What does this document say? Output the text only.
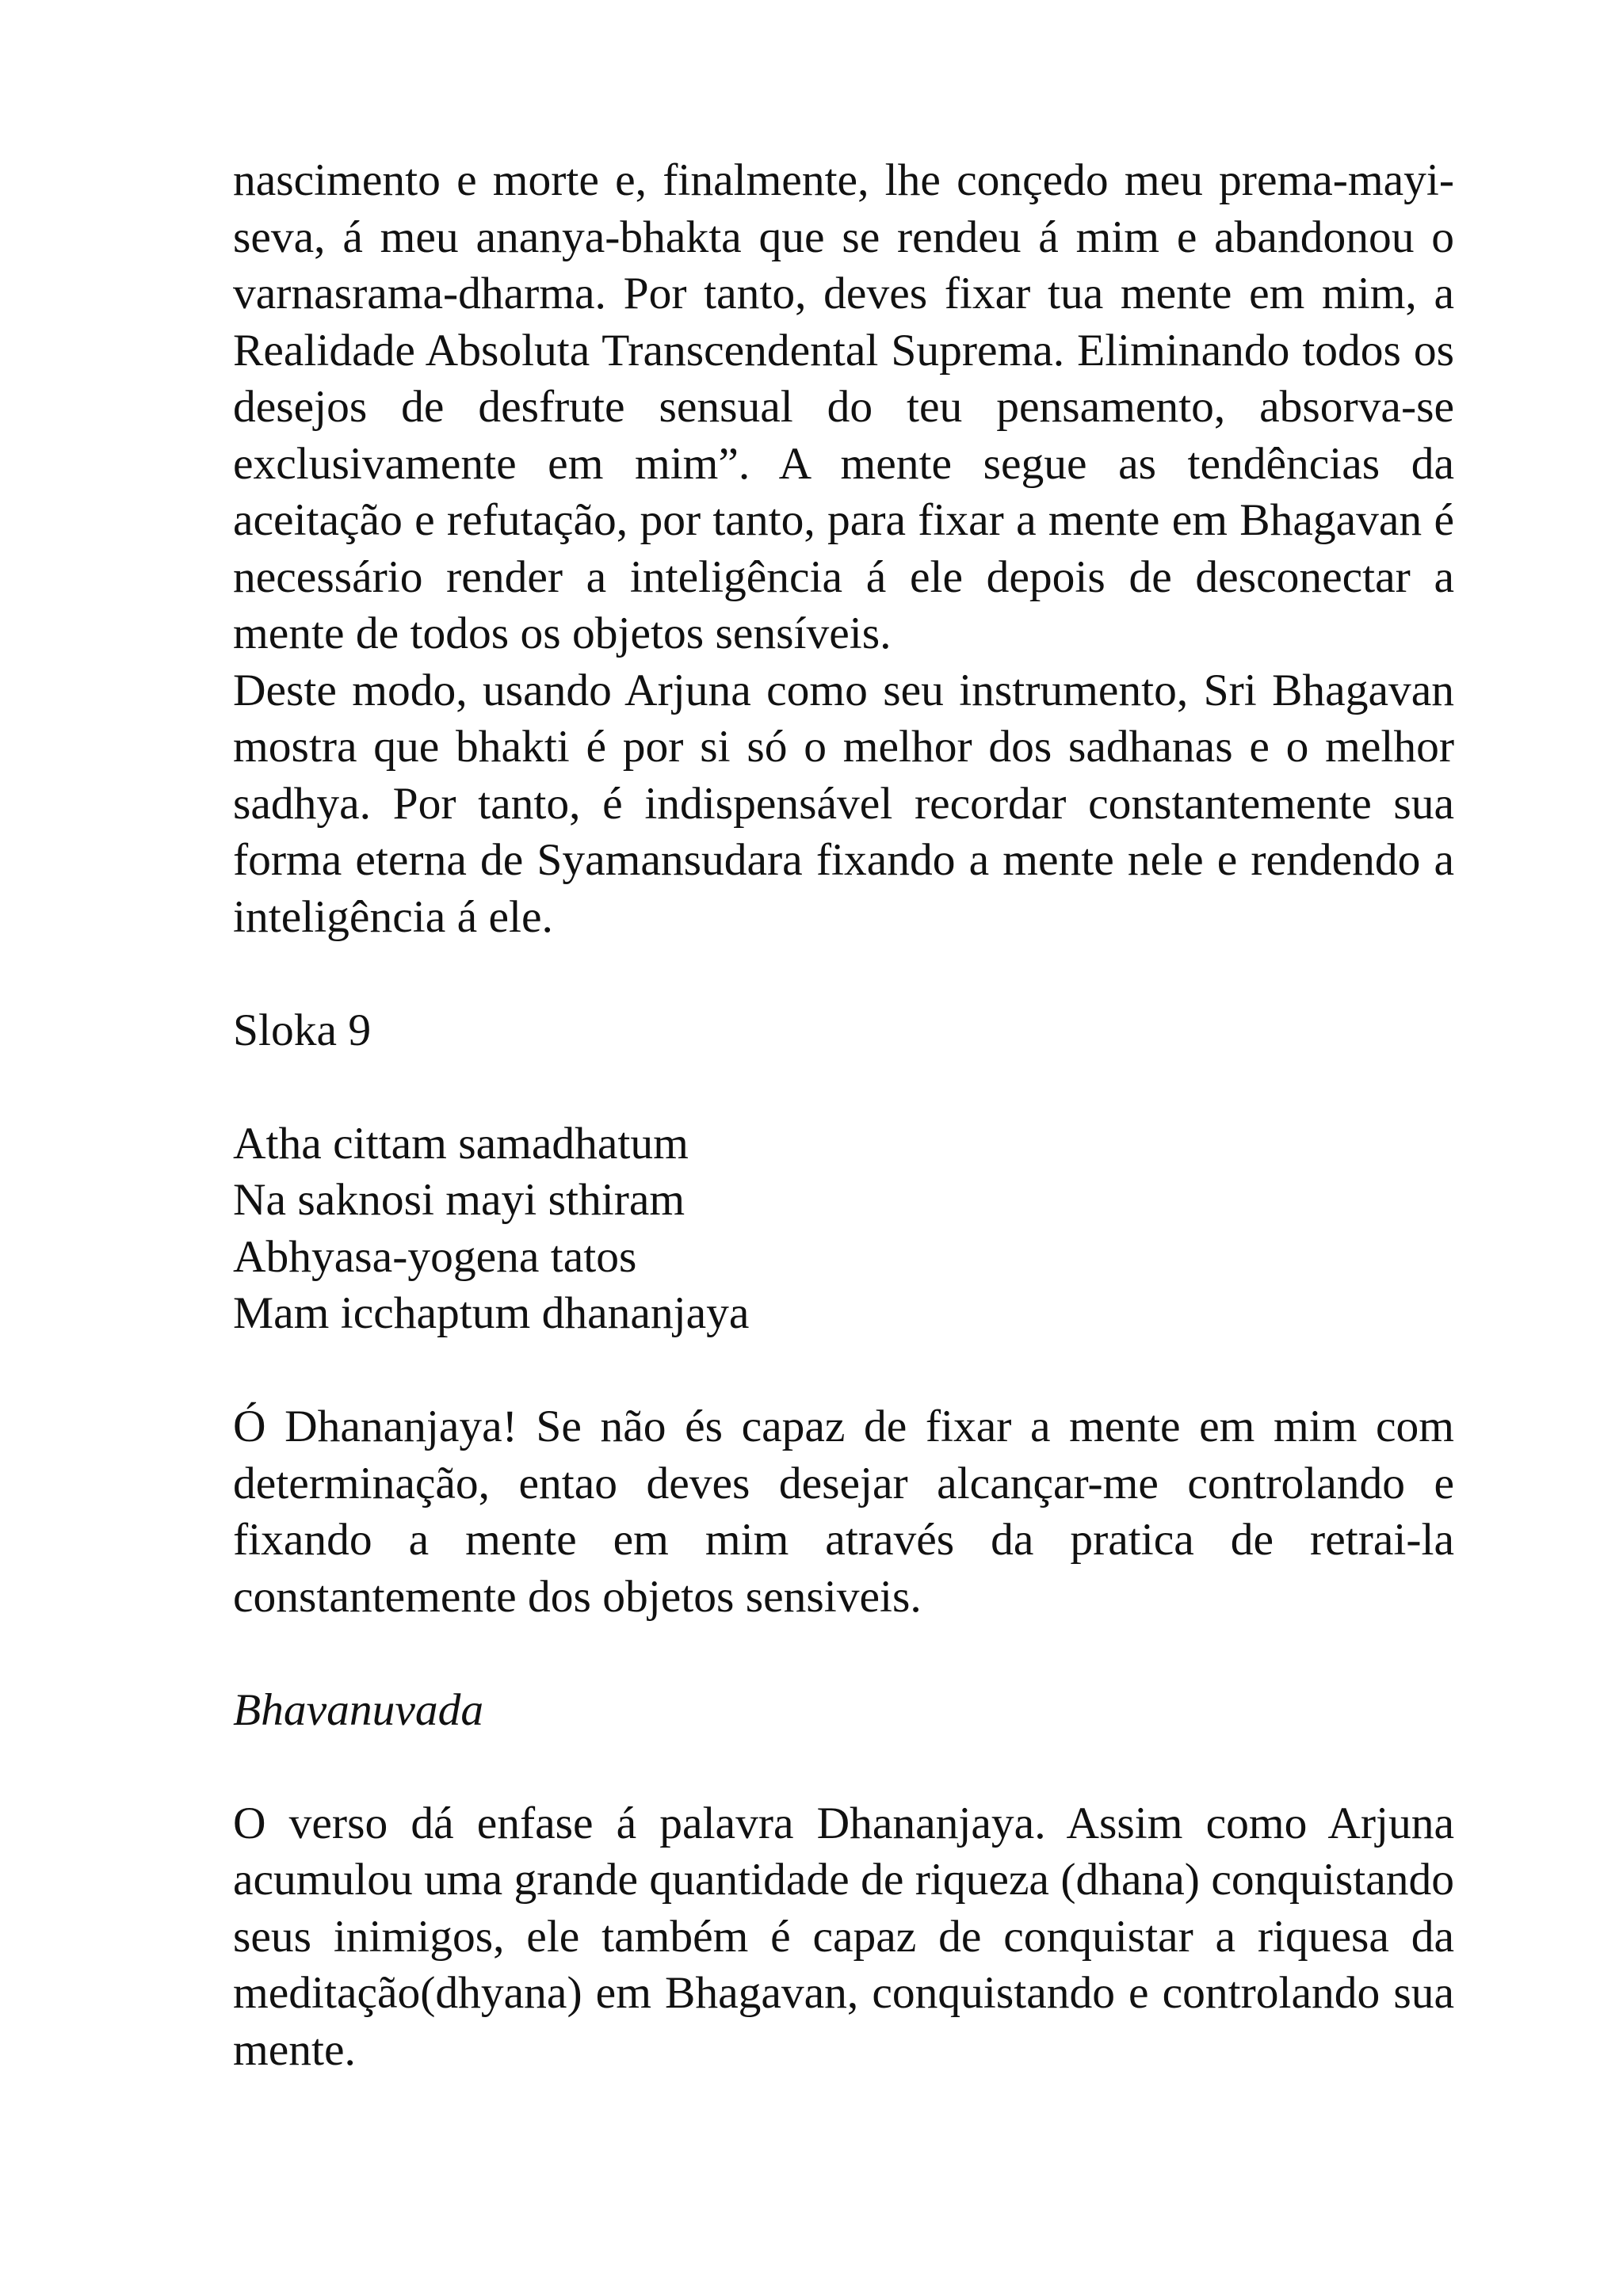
nascimento e morte e, finalmente, lhe conçedo meu prema-mayi-seva, á meu ananya-bhakta que se rendeu á mim e abandonou o varnasrama-dharma. Por tanto, deves fixar tua mente em mim, a Realidade Absoluta Transcendental Suprema. Eliminando todos os desejos de desfrute sensual do teu pensamento, absorva-se exclusivamente em mim”. A mente segue as tendências da aceitação e refutação, por tanto, para fixar a mente em Bhagavan é necessário render a inteligência á ele depois de desconectar a mente de todos os objetos sensíveis.

Deste modo, usando Arjuna como seu instrumento, Sri Bhagavan mostra que bhakti é por si só o melhor dos sadhanas e o melhor sadhya. Por tanto, é indispensável recordar constantemente sua forma eterna de Syamansudara fixando a mente nele e rendendo a inteligência á ele.

Sloka 9

Atha cittam samadhatum
Na saknosi mayi sthiram
Abhyasa-yogena tatos
Mam icchaptum dhananjaya

Ó Dhananjaya! Se não és capaz de fixar a mente em mim com determinação, entao deves desejar alcançar-me controlando e fixando a mente em mim através da pratica de retrai-la constantemente dos objetos sensiveis.

Bhavanuvada

O verso dá enfase á palavra Dhananjaya. Assim como Arjuna acumulou uma grande quantidade de riqueza (dhana) conquistando seus inimigos, ele também é capaz de conquistar a riquesa da meditação(dhyana) em Bhagavan, conquistando e controlando sua mente.
